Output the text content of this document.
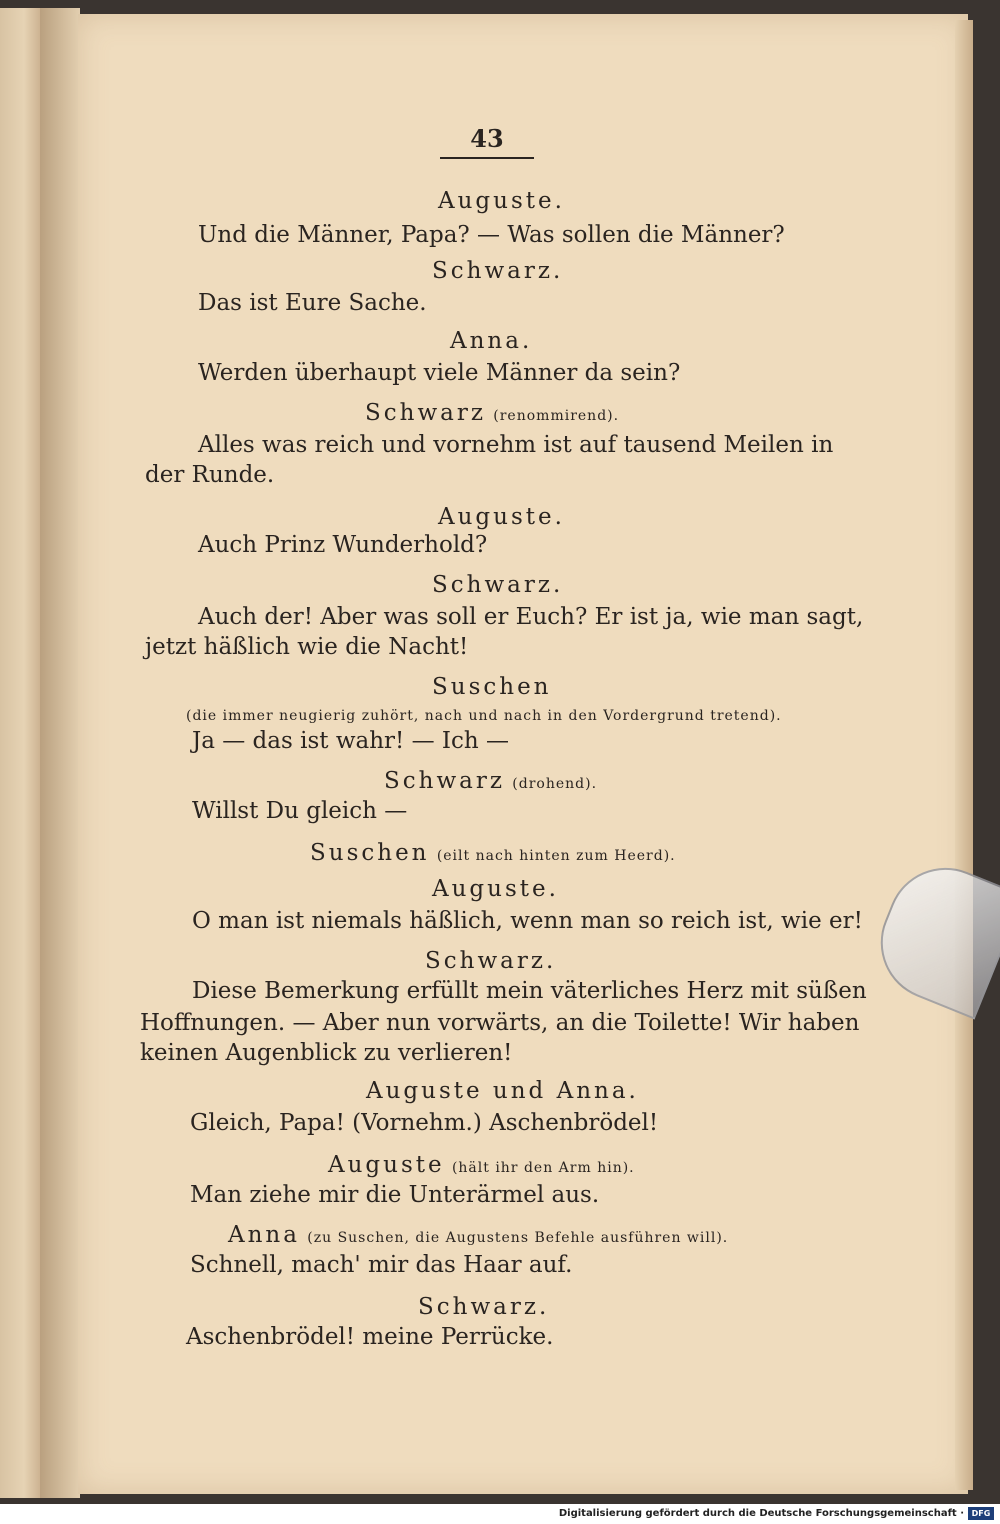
43
Auguste.
Und die Männer, Papa? — Was sollen die Männer?
Schwarz.
Das ist Eure Sache.
Anna.
Werden überhaupt viele Männer da sein?
Schwarz (renommirend).
Alles was reich und vornehm ist auf tausend Meilen in
der Runde.
Auguste.
Auch Prinz Wunderhold?
Schwarz.
Auch der! Aber was soll er Euch? Er ist ja, wie man sagt,
jetzt häßlich wie die Nacht!
Suschen
(die immer neugierig zuhört, nach und nach in den Vordergrund tretend).
Ja — das ist wahr! — Ich —
Schwarz (drohend).
Willst Du gleich —
Suschen (eilt nach hinten zum Heerd).
Auguste.
O man ist niemals häßlich, wenn man so reich ist, wie er!
Schwarz.
Diese Bemerkung erfüllt mein väterliches Herz mit süßen
Hoffnungen. — Aber nun vorwärts, an die Toilette! Wir haben
keinen Augenblick zu verlieren!
Auguste und Anna.
Gleich, Papa! (Vornehm.) Aschenbrödel!
Auguste (hält ihr den Arm hin).
Man ziehe mir die Unterärmel aus.
Anna (zu Suschen, die Augustens Befehle ausführen will).
Schnell, mach' mir das Haar auf.
Schwarz.
Aschenbrödel! meine Perrücke.
Digitalisierung gefördert durch die Deutsche Forschungsgemeinschaft · DFG
